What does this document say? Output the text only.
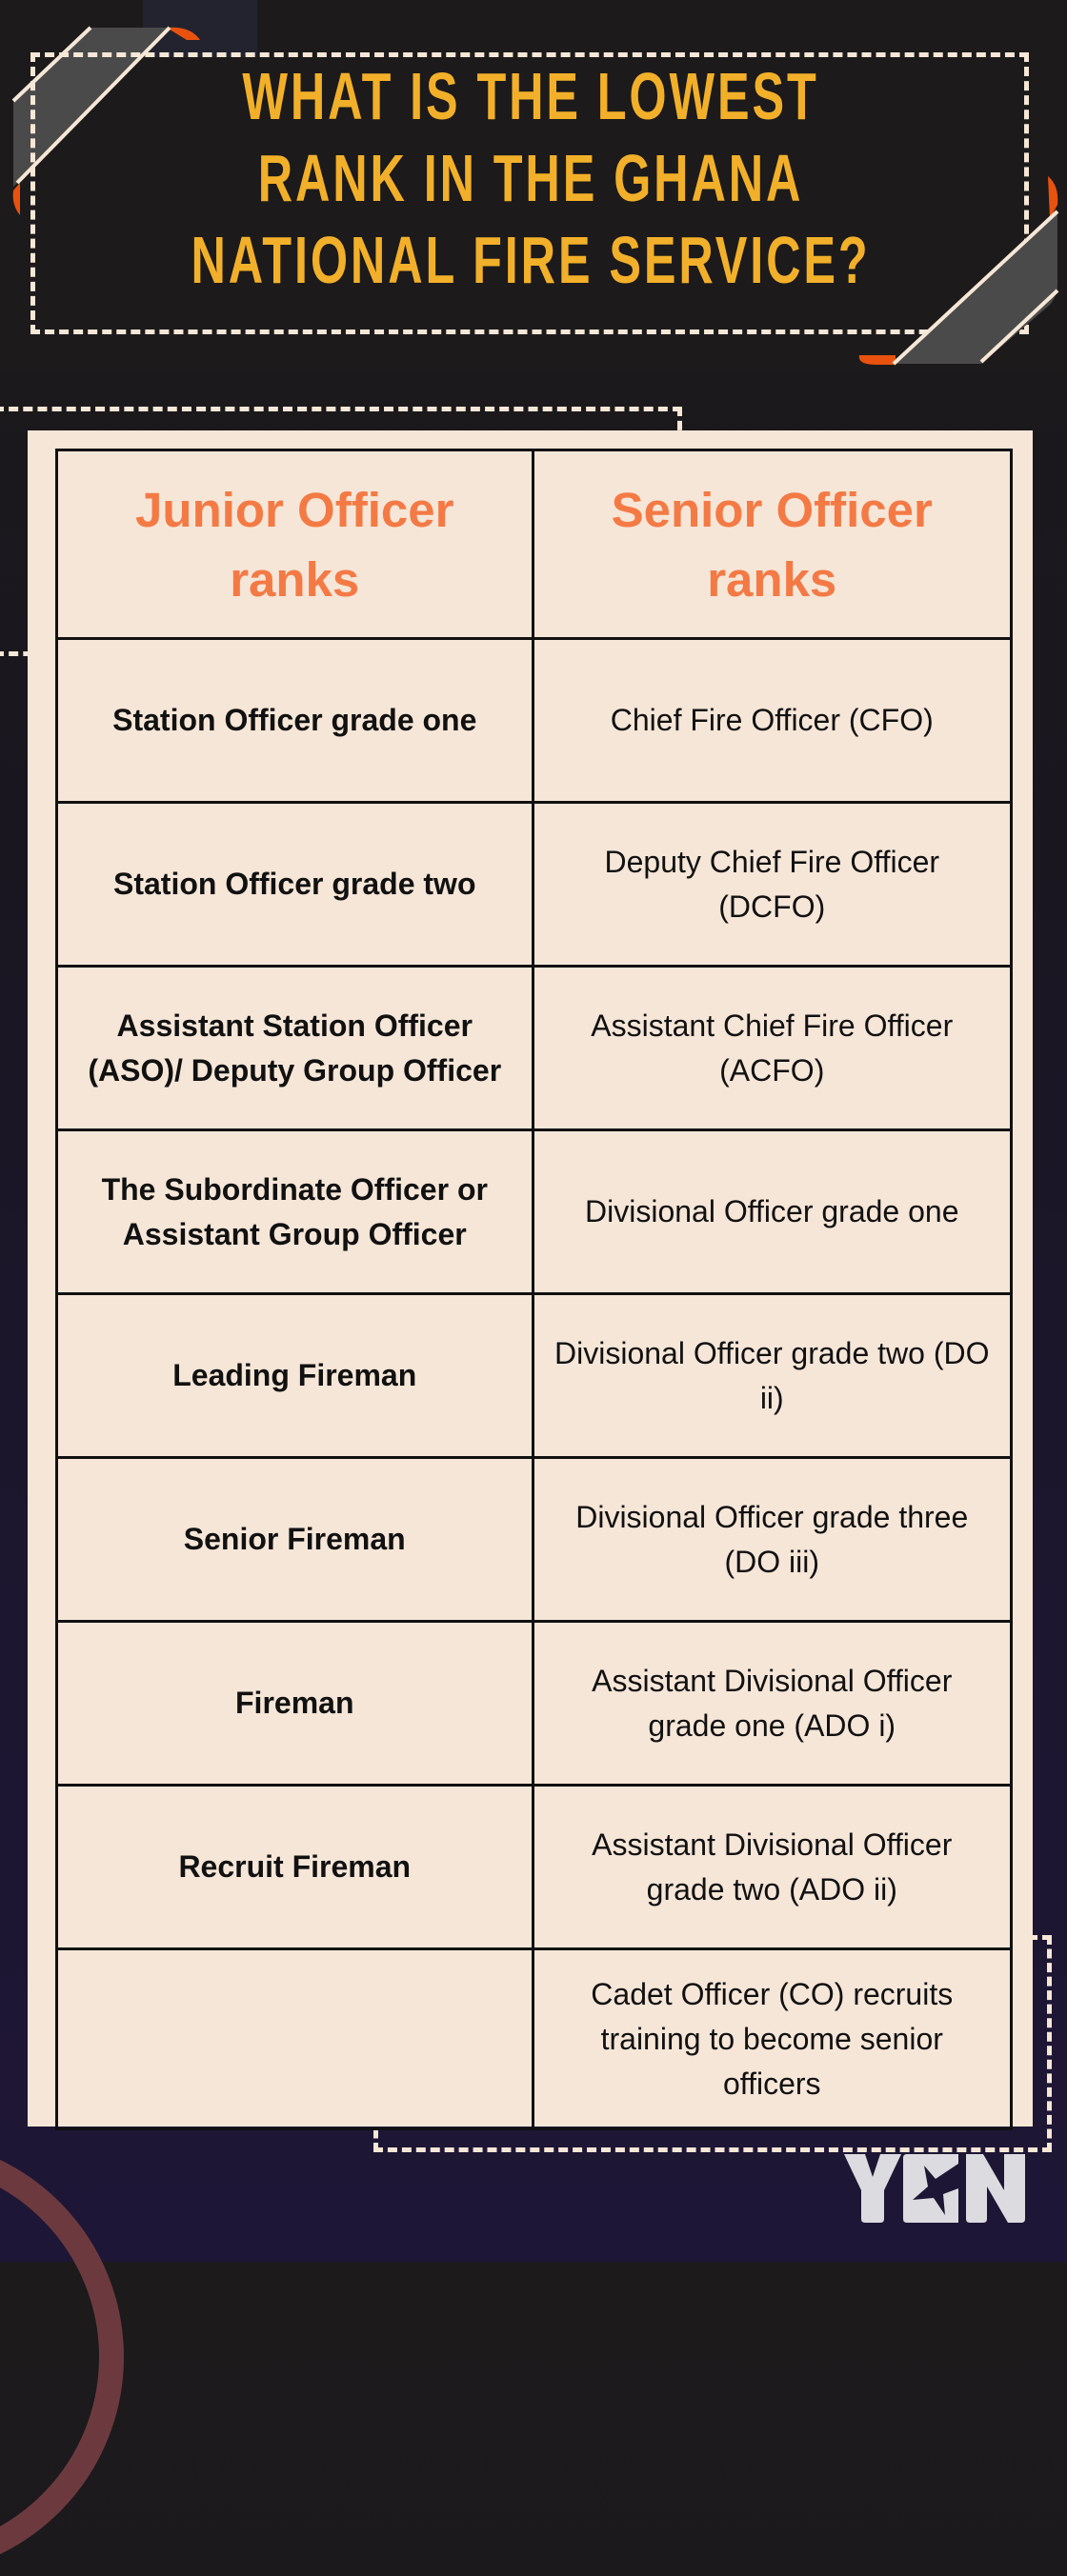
WHAT IS THE LOWEST
RANK IN THE GHANA
NATIONAL FIRE SERVICE?
Junior Officer ranks
Senior Officer ranks
Station Officer grade one	Chief Fire Officer (CFO)
Station Officer grade two
Deputy Chief Fire Officer (DCFO)
Assistant Station Officer (ASO)/ Deputy Group Officer
Assistant Chief Fire Officer (ACFO)
The Subordinate Officer or Assistant Group Officer
Divisional Officer grade one
Leading Fireman
Divisional Officer grade two (DO ii)
Senior Fireman
Divisional Officer grade three (DO iii)
Fireman
Assistant Divisional Officer grade one (ADO i)
Recruit Fireman
Assistant Divisional Officer grade two (ADO ii)
Cadet Officer (CO) recruits training to become senior officers
